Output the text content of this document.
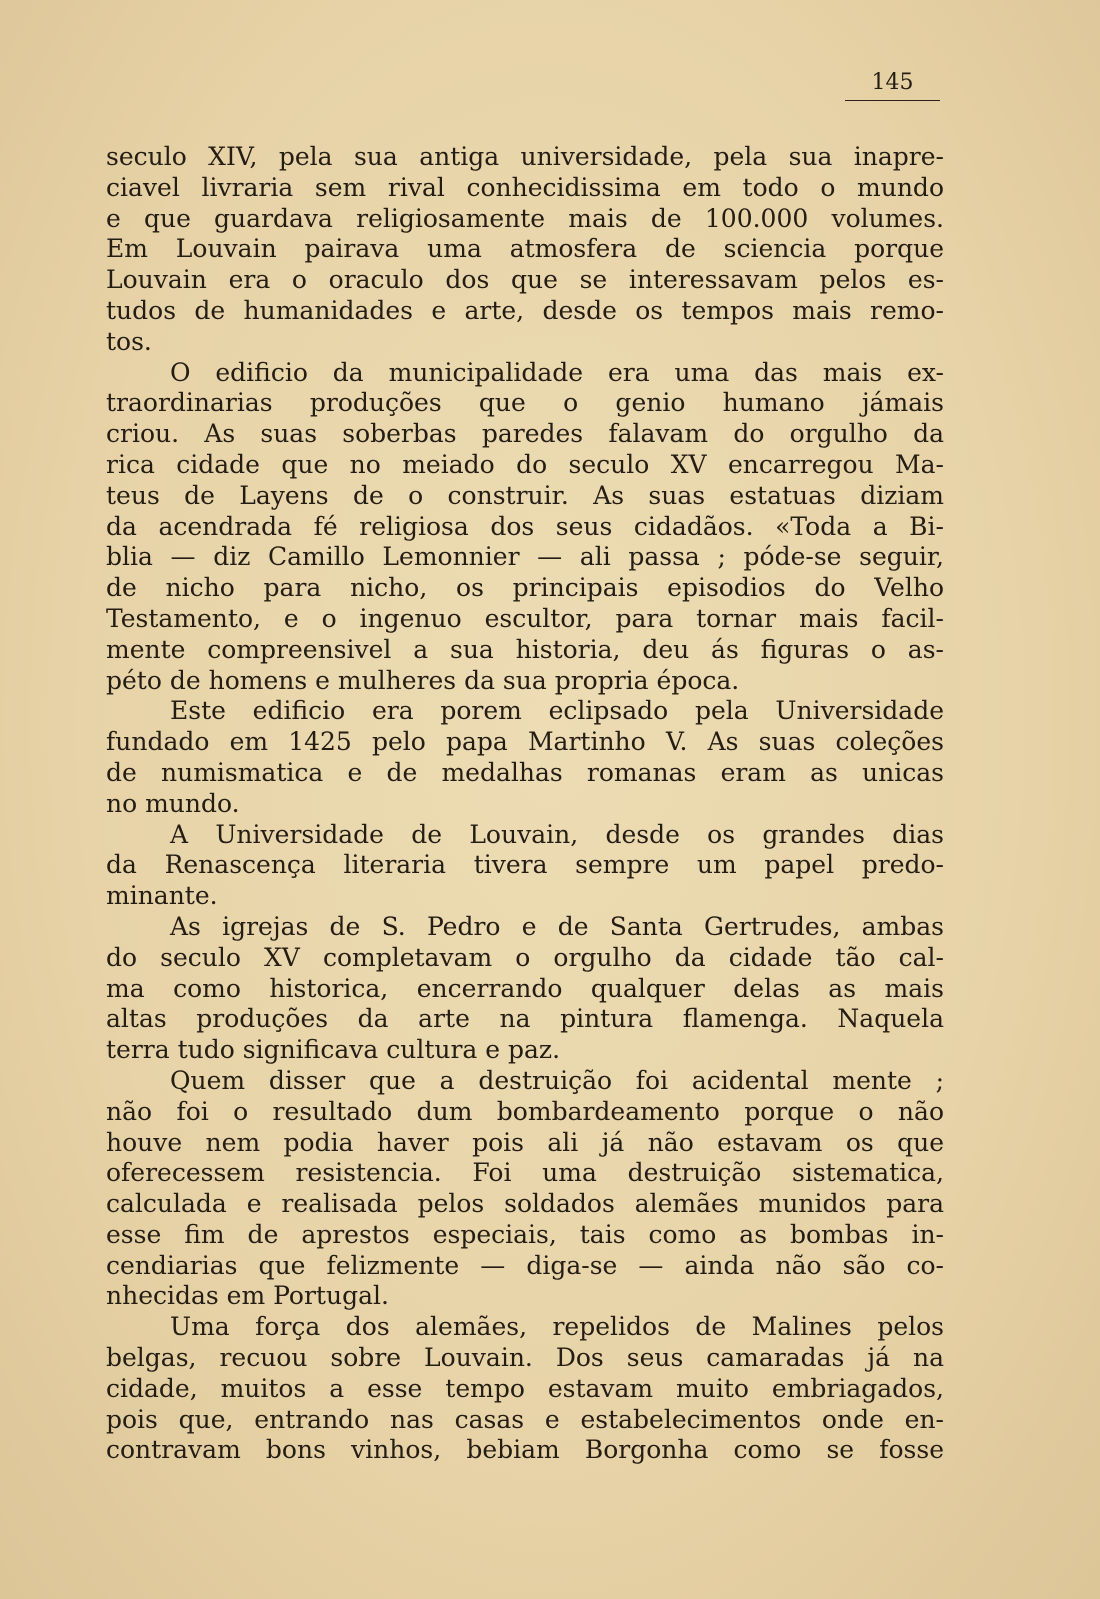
145
seculo XIV, pela sua antiga universidade, pela sua inapre-
ciavel livraria sem rival conhecidissima em todo o mundo
e que guardava religiosamente mais de 100.000 volumes.
Em Louvain pairava uma atmosfera de sciencia porque
Louvain era o oraculo dos que se interessavam pelos es-
tudos de humanidades e arte, desde os tempos mais remo-
tos.
O edificio da municipalidade era uma das mais ex-
traordinarias produções que o genio humano jámais
criou. As suas soberbas paredes falavam do orgulho da
rica cidade que no meiado do seculo XV encarregou Ma-
teus de Layens de o construir. As suas estatuas diziam
da acendrada fé religiosa dos seus cidadãos. «Toda a Bi-
blia — diz Camillo Lemonnier — ali passa ; póde-se seguir,
de nicho para nicho, os principais episodios do Velho
Testamento, e o ingenuo escultor, para tornar mais facil-
mente compreensivel a sua historia, deu ás figuras o as-
péto de homens e mulheres da sua propria época.
Este edificio era porem eclipsado pela Universidade
fundado em 1425 pelo papa Martinho V. As suas coleções
de numismatica e de medalhas romanas eram as unicas
no mundo.
A Universidade de Louvain, desde os grandes dias
da Renascença literaria tivera sempre um papel predo-
minante.
As igrejas de S. Pedro e de Santa Gertrudes, ambas
do seculo XV completavam o orgulho da cidade tão cal-
ma como historica, encerrando qualquer delas as mais
altas produções da arte na pintura flamenga. Naquela
terra tudo significava cultura e paz.
Quem disser que a destruição foi acidental mente ;
não foi o resultado dum bombardeamento porque o não
houve nem podia haver pois ali já não estavam os que
oferecessem resistencia. Foi uma destruição sistematica,
calculada e realisada pelos soldados alemães munidos para
esse fim de aprestos especiais, tais como as bombas in-
cendiarias que felizmente — diga-se — ainda não são co-
nhecidas em Portugal.
Uma força dos alemães, repelidos de Malines pelos
belgas, recuou sobre Louvain. Dos seus camaradas já na
cidade, muitos a esse tempo estavam muito embriagados,
pois que, entrando nas casas e estabelecimentos onde en-
contravam bons vinhos, bebiam Borgonha como se fosse
